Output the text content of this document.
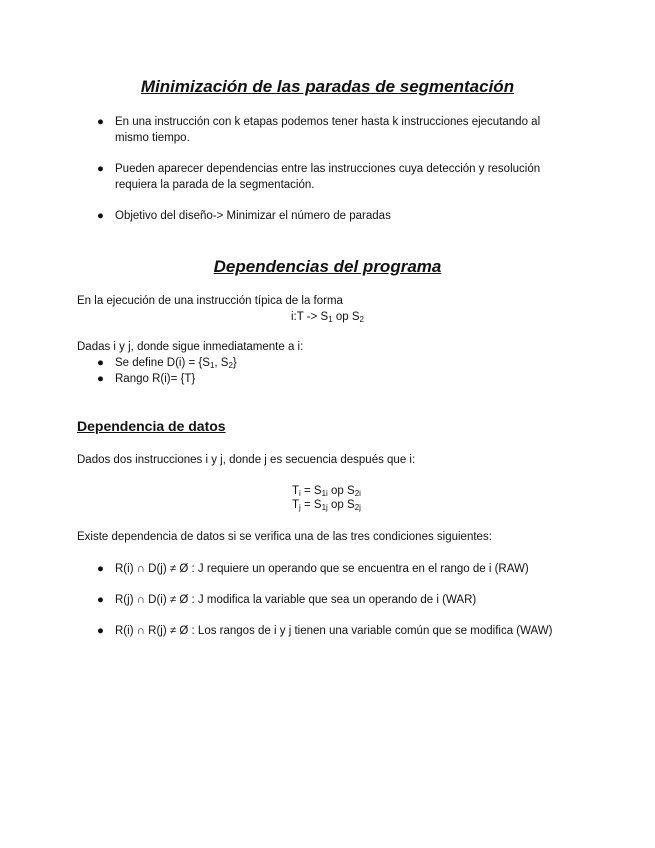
Minimización de las paradas de segmentación
● En una instrucción con k etapas podemos tener hasta k instrucciones ejecutando al
mismo tiempo.
● Pueden aparecer dependencias entre las instrucciones cuya detección y resolución
requiera la parada de la segmentación.
● Objetivo del diseño-> Minimizar el número de paradas
Dependencias del programa
En la ejecución de una instrucción típica de la forma
i:T -> $S_1$ op $S_2$
Dadas i y j, donde sigue inmediatamente a i:
● Se define $D(i) = \{S_1$, $S_2$}
● Rango R(i)= {T}
Dependencia de datos
Dados dos instrucciones i y j, donde j es secuencia después que i:
$T_i = S_{1i}$ op $S_{2i}$
$T_j = S_{1j}$ op $S_{2j}$
Existe dependencia de datos si se verifica una de las tres condiciones siguientes:
● R(i) ∩ D(j) ≠ Ø : J requiere un operando que se encuentra en el rango de i (RAW)
● R(j) ∩ D(i) ≠ Ø : J modifica la variable que sea un operando de i (WAR)
● R(i) ∩ R(j) ≠ Ø : Los rangos de i y j tienen una variable común que se modifica (WAW)
